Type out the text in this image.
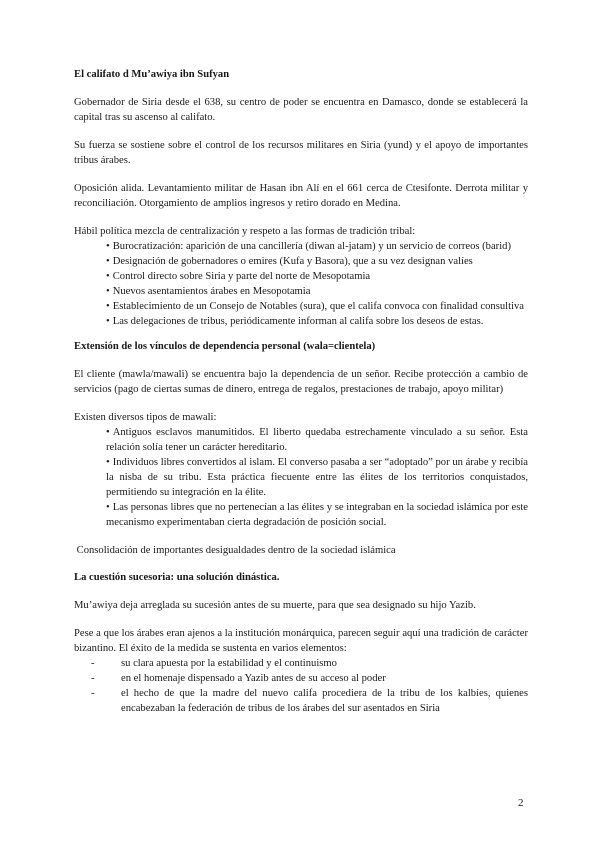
El califato d Mu’awiya ibn Sufyan
Gobernador de Siria desde el 638, su centro de poder se encuentra en Damasco, donde se establecerá la capital tras su ascenso al califato.
Su fuerza se sostiene sobre el control de los recursos militares en Siria (yund) y el apoyo de importantes tribus árabes.
Oposición alida. Levantamiento militar de Hasan ibn Alí en el 661 cerca de Ctesifonte. Derrota militar y reconciliación. Otorgamiento de amplios ingresos y retiro dorado en Medina.
Hábil política mezcla de centralización y respeto a las formas de tradición tribal:
• Burocratización: aparición de una cancillería (diwan al-jatam) y un servicio de correos (barid)
• Designación de gobernadores o emires (Kufa y Basora), que a su vez designan valíes
• Control directo sobre Siria y parte del norte de Mesopotamia
• Nuevos asentamientos árabes en Mesopotamia
• Establecimiento de un Consejo de Notables (sura), que el califa convoca con finalidad consultiva
• Las delegaciones de tribus, periódicamente informan al califa sobre los deseos de estas.
Extensión de los vínculos de dependencia personal (wala=clientela)
El cliente (mawla/mawali) se encuentra bajo la dependencia de un señor. Recibe protección a cambio de servicios (pago de ciertas sumas de dinero, entrega de regalos, prestaciones de trabajo, apoyo militar)
Existen diversos tipos de mawali:
• Antiguos esclavos manumitidos. El liberto quedaba estrechamente vinculado a su señor. Esta relación solía tener un carácter hereditario.
• Individuos libres convertidos al islam. El converso pasaba a ser “adoptado” por un árabe y recibía la nisba de su tribu. Esta práctica fiecuente entre las élites de los territorios conquistados, permitiendo su integración en la élite.
• Las personas libres que no pertenecían a las élites y se integraban en la sociedad islámica por este mecanismo experimentaban cierta degradación de posición social.
Consolidación de importantes desigualdades dentro de la sociedad islámica
La cuestión sucesoria: una solución dinástica.
Mu’awiya deja arreglada su sucesión antes de su muerte, para que sea designado su hijo Yazib.
Pese a que los árabes eran ajenos a la institución monárquica, parecen seguir aquí una tradición de carácter bizantino. El éxito de la medida se sustenta en varios elementos:
-	su clara apuesta por la estabilidad y el continuismo
-	en el homenaje dispensado a Yazib antes de su acceso al poder
-	el hecho de que la madre del nuevo califa procediera de la tribu de los kalbíes, quienes encabezaban la federación de tribus de los árabes del sur asentados en Siria
2
